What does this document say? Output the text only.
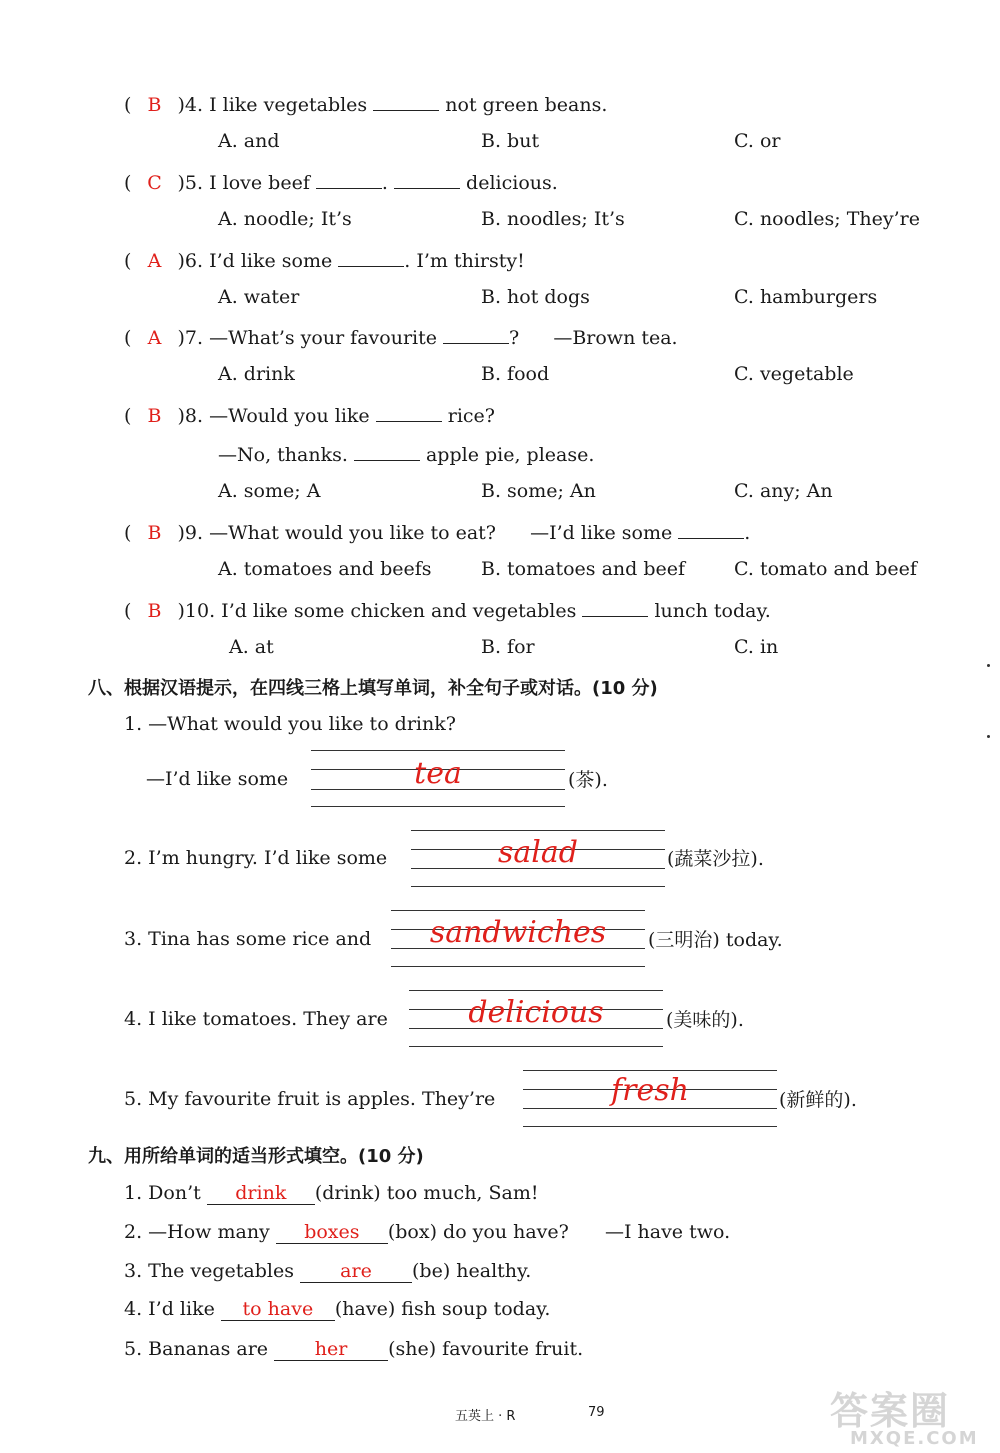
( B )4. I like vegetables	not green beans.
A. and	B. but	C. or
( C )5. I love beef	.	delicious.
A. noodle; It’s	B. noodles; It’s	C. noodles; They’re
( A )6. I’d like some	. I’m thirsty!
A. water	B. hot dogs	C. hamburgers
( A )7. —What’s your favourite	? —Brown tea.
A. drink	B. food	C. vegetable
( B )8. —Would you like	rice?
—No, thanks.	apple pie, please.
A. some; A	B. some; An	C. any; An
( B )9. —What would you like to eat? —I’d like some	.
A. tomatoes and beefs	B. tomatoes and beef	C. tomato and beef
( B )10. I’d like some chicken and vegetables	lunch today.
A. at	B. for	C. in
八、根据汉语提示，在四线三格上填写单词，补全句子或对话。(10 分)
1. —What would you like to drink?
—I’d like some	tea	(茶).
2. I’m hungry. I’d like some	salad	(蔬菜沙拉).
3. Tina has some rice and	sandwiches	(三明治) today.
4. I like tomatoes. They are	delicious	(美味的).
5. My favourite fruit is apples. They’re	fresh	(新鲜的).
九、用所给单词的适当形式填空。(10 分)
1. Don’t drink (drink) too much, Sam!
2. —How many boxes (box) do you have? —I have two.
3. The vegetables are (be) healthy.
4. I’d like to have (have) fish soup today.
5. Bananas are her (she) favourite fruit.
五英上 · R	79	答案圈
MXQE.COM
